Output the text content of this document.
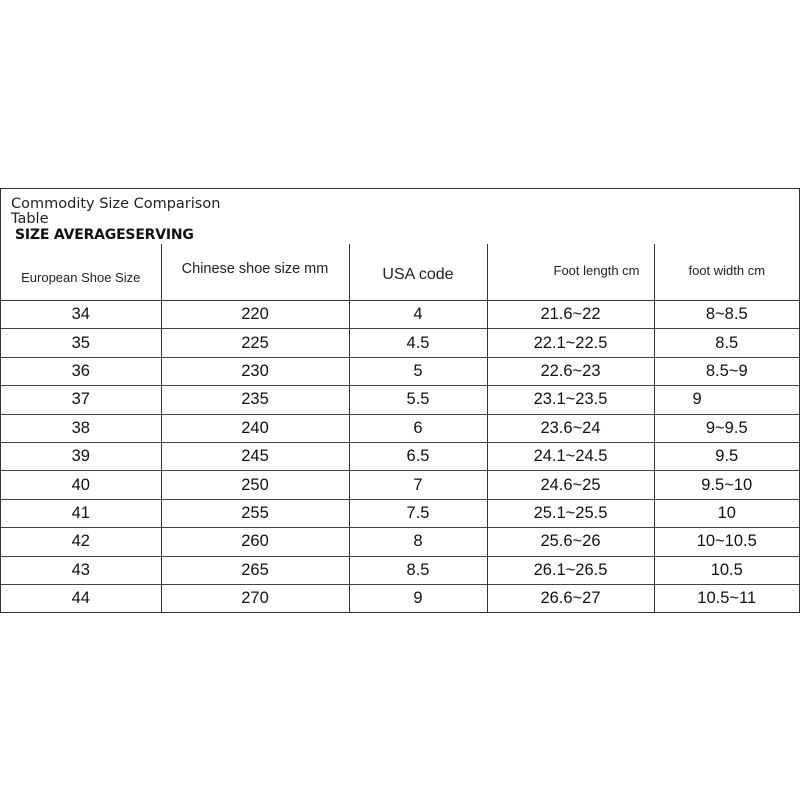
Commodity Size Comparison
Table
SIZE AVERAGESERVING
European Shoe Size	Chinese shoe size mm	USA code	Foot length cm	foot width cm
34	220	4	21.6~22	8~8.5
35	225	4.5	22.1~22.5	8.5
36	230	5	22.6~23	8.5~9
37	235	5.5	23.1~23.5	9
38	240	6	23.6~24	9~9.5
39	245	6.5	24.1~24.5	9.5
40	250	7	24.6~25	9.5~10
41	255	7.5	25.1~25.5	10
42	260	8	25.6~26	10~10.5
43	265	8.5	26.1~26.5	10.5
44	270	9	26.6~27	10.5~11
